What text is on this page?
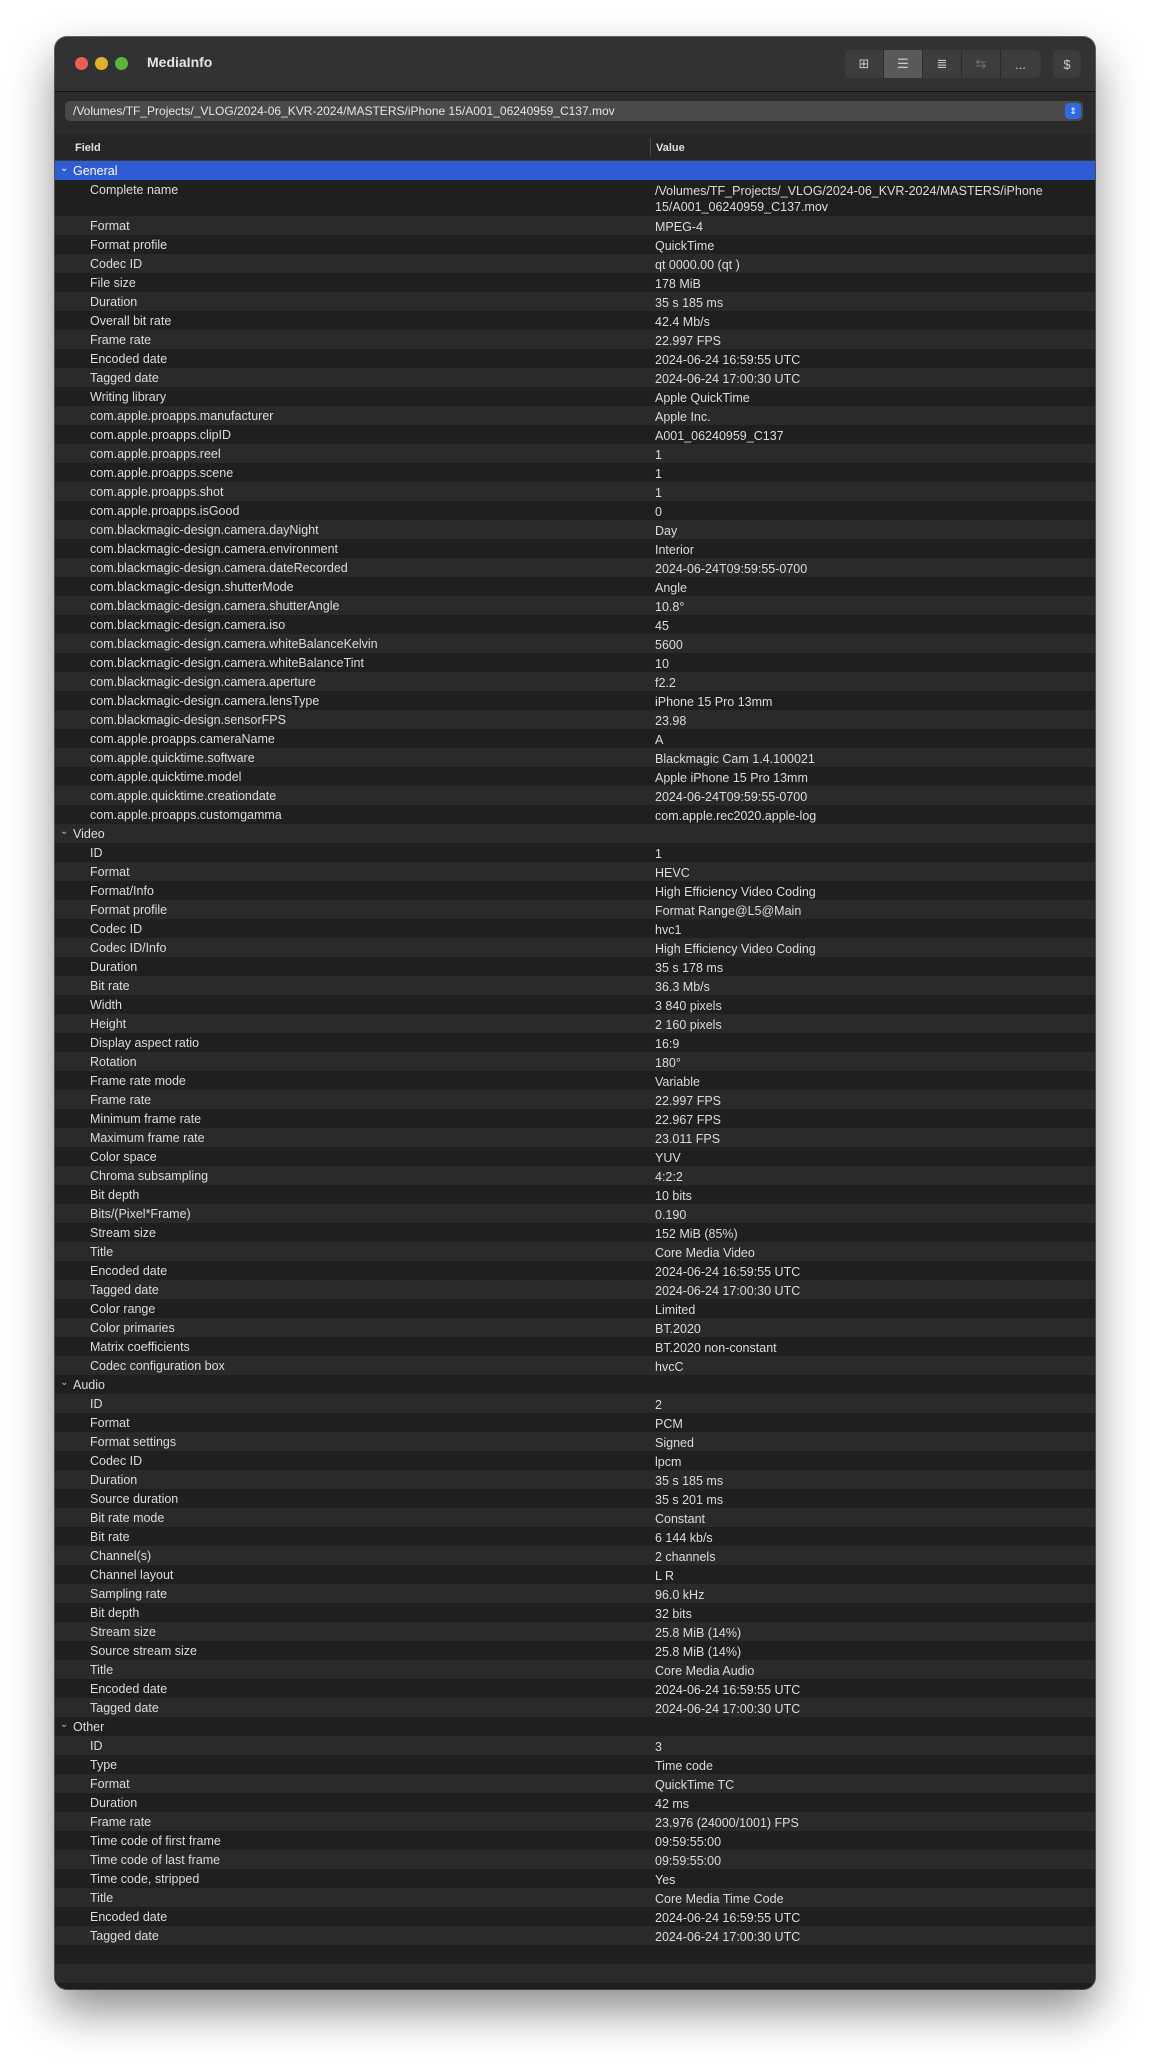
MediaInfo	⊞ ☰ ≣ ⇆ ...	$
/Volumes/TF_Projects/_VLOG/2024-06_KVR-2024/MASTERS/iPhone 15/A001_06240959_C137.mov	⇕
Field	Value
⌄ General
Complete name	/Volumes/TF_Projects/_VLOG/2024-06_KVR-2024/MASTERS/iPhone 15/A001_06240959_C137.mov
Format	MPEG-4
Format profile	QuickTime
Codec ID	qt 0000.00 (qt )
File size	178 MiB
Duration	35 s 185 ms
Overall bit rate	42.4 Mb/s
Frame rate	22.997 FPS
Encoded date	2024-06-24 16:59:55 UTC
Tagged date	2024-06-24 17:00:30 UTC
Writing library	Apple QuickTime
com.apple.proapps.manufacturer	Apple Inc.
com.apple.proapps.clipID	A001_06240959_C137
com.apple.proapps.reel	1
com.apple.proapps.scene	1
com.apple.proapps.shot	1
com.apple.proapps.isGood	0
com.blackmagic-design.camera.dayNight	Day
com.blackmagic-design.camera.environment	Interior
com.blackmagic-design.camera.dateRecorded	2024-06-24T09:59:55-0700
com.blackmagic-design.shutterMode	Angle
com.blackmagic-design.camera.shutterAngle	10.8°
com.blackmagic-design.camera.iso	45
com.blackmagic-design.camera.whiteBalanceKelvin	5600
com.blackmagic-design.camera.whiteBalanceTint	10
com.blackmagic-design.camera.aperture	f2.2
com.blackmagic-design.camera.lensType	iPhone 15 Pro 13mm
com.blackmagic-design.sensorFPS	23.98
com.apple.proapps.cameraName	A
com.apple.quicktime.software	Blackmagic Cam 1.4.100021
com.apple.quicktime.model	Apple iPhone 15 Pro 13mm
com.apple.quicktime.creationdate	2024-06-24T09:59:55-0700
com.apple.proapps.customgamma	com.apple.rec2020.apple-log
⌄ Video
ID	1
Format	HEVC
Format/Info	High Efficiency Video Coding
Format profile	Format Range@L5@Main
Codec ID	hvc1
Codec ID/Info	High Efficiency Video Coding
Duration	35 s 178 ms
Bit rate	36.3 Mb/s
Width	3 840 pixels
Height	2 160 pixels
Display aspect ratio	16:9
Rotation	180°
Frame rate mode	Variable
Frame rate	22.997 FPS
Minimum frame rate	22.967 FPS
Maximum frame rate	23.011 FPS
Color space	YUV
Chroma subsampling	4:2:2
Bit depth	10 bits
Bits/(Pixel*Frame)	0.190
Stream size	152 MiB (85%)
Title	Core Media Video
Encoded date	2024-06-24 16:59:55 UTC
Tagged date	2024-06-24 17:00:30 UTC
Color range	Limited
Color primaries	BT.2020
Matrix coefficients	BT.2020 non-constant
Codec configuration box	hvcC
⌄ Audio
ID	2
Format	PCM
Format settings	Signed
Codec ID	lpcm
Duration	35 s 185 ms
Source duration	35 s 201 ms
Bit rate mode	Constant
Bit rate	6 144 kb/s
Channel(s)	2 channels
Channel layout	L R
Sampling rate	96.0 kHz
Bit depth	32 bits
Stream size	25.8 MiB (14%)
Source stream size	25.8 MiB (14%)
Title	Core Media Audio
Encoded date	2024-06-24 16:59:55 UTC
Tagged date	2024-06-24 17:00:30 UTC
⌄ Other
ID	3
Type	Time code
Format	QuickTime TC
Duration	42 ms
Frame rate	23.976 (24000/1001) FPS
Time code of first frame	09:59:55:00
Time code of last frame	09:59:55:00
Time code, stripped	Yes
Title	Core Media Time Code
Encoded date	2024-06-24 16:59:55 UTC
Tagged date	2024-06-24 17:00:30 UTC
